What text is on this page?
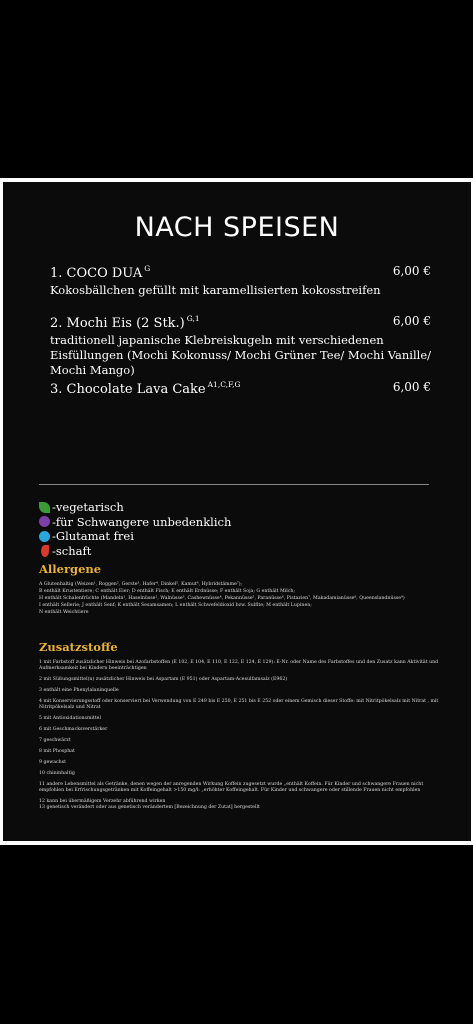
NACH SPEISEN
1. COCO DUA $^G$	6,00 €
Kokosbällchen gefüllt mit karamellisierten kokosstreifen
2. Mochi Eis (2 Stk.) $^{G,1}$	6,00 €
traditionell japanische Klebreiskugeln mit verschiedenen Eisfüllungen (Mochi Kokonuss/ Mochi Grüner Tee/ Mochi Vanille/ Mochi Mango)
3. Chocolate Lava Cake $^{A1,C,F,G}$	6,00 €
-vegetarisch
-für Schwangere unbedenklich
-Glutamat frei
-schaft
Allergene
A Glutenhaltig (Weizen¹, Roggen², Gerste³, Hafer⁴, Dinkel⁵, Kamut⁶, Hybridstämme⁷);
B enthält Krustentiere; C enthält Eier; D enthält Fisch; E enthält Erdnüsse; F enthält Soja; G enthält Milch;
H enthält Schalenfrüchte (Mandeln¹, Haselnüsse², Walnüsse³, Cashewnüsse⁴, Pekannüsse⁵, Paranüsse⁶, Pistazien⁷, Makadamianüsse⁸, Queenslandnüsse⁹)
I enthält Sellerie; J enthält Senf; K enthält Sesamsamen; L enthält Schwefeldioxid bzw. Sulfite; M enthält Lupinen;
N enthält Weichtiere
Zusatzstoffe
1 mit Farbstoff zusätzlicher Hinweis bei Azofarbstoffen (E 102, E 104, E 110, E 122, E 124, E 129): E-Nr. oder Name des Farbstoffes und den Zusatz kann Aktivität und Aufmerksamkeit bei Kindern beeinträchtigen
2 mit Süßungsmittel(n) zusätzlicher Hinweis bei Aspartam (E 951) oder Aspartam-Acesulfamsalz (E962)
3 enthält eine Phenylalaninquelle
4 mit Konservierungsstoff oder konserviert bei Verwendung von E 249 bis E 250, E 251 bis E 252 oder einem Gemisch dieser Stoffe: mit Nitritpökelsalz mit Nitrat , mit Nitritpökelsalz und Nitrat
5 mit Antioxidationsmittel
6 mit Geschmacksverstärker
7 geschwärzt
8 mit Phosphat
9 gewachst
10 chininhaltig
11 andere Lebensmittel als Getränke, denen wegen der anregenden Wirkung Koffein zugesetzt wurde „enthält Koffein. Für Kinder und schwangere Frauen nicht empfohlen bei Erfrischungsgetränken mit Koffeingehalt >150 mg/l: „erhöhter Koffeingehalt. Für Kinder und schwangere oder stillende Frauen nicht empfohlen
12 kann bei übermäßigem Verzehr abführend wirken
13 genetisch verändert oder aus genetisch verändertem [Bezeichnung der Zutat] hergestellt
